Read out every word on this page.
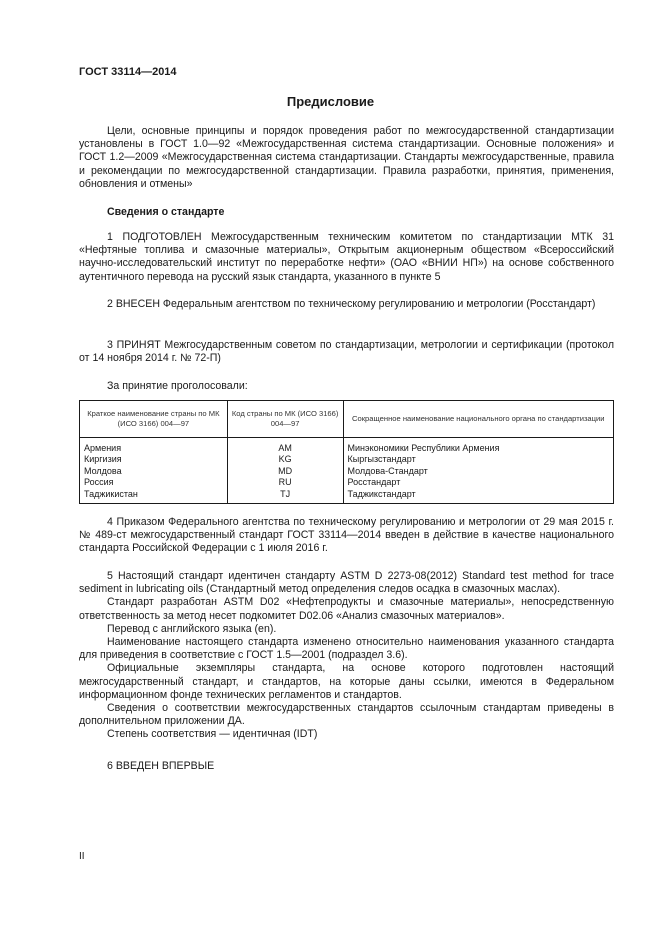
ГОСТ 33114—2014
Предисловие

Цели, основные принципы и порядок проведения работ по межгосударственной стандартизации установлены в ГОСТ 1.0—92 «Межгосударственная система стандартизации. Основные положения» и ГОСТ 1.2—2009 «Межгосударственная система стандартизации. Стандарты межгосударственные, правила и рекомендации по межгосударственной стандартизации. Правила разработки, принятия, применения, обновления и отмены»

Сведения о стандарте

1 ПОДГОТОВЛЕН Межгосударственным техническим комитетом по стандартизации МТК 31 «Нефтяные топлива и смазочные материалы», Открытым акционерным обществом «Всероссийский научно-исследовательский институт по переработке нефти» (ОАО «ВНИИ НП») на основе собственного аутентичного перевода на русский язык стандарта, указанного в пункте 5

2 ВНЕСЕН Федеральным агентством по техническому регулированию и метрологии (Росстандарт)

3 ПРИНЯТ Межгосударственным советом по стандартизации, метрологии и сертификации (протокол от 14 ноября 2014 г. № 72-П)

За принятие проголосовали:
Краткое наименование страны по МК (ИСО 3166) 004—97	Код страны по МК (ИСО 3166) 004—97	Сокращенное наименование национального органа по стандартизации
Армения	AM	Минэкономики Республики Армения
Киргизия	KG	Кыргызстандарт
Молдова	MD	Молдова-Стандарт
Россия	RU	Росстандарт
Таджикистан	TJ	Таджикстандарт

4 Приказом Федерального агентства по техническому регулированию и метрологии от 29 мая 2015 г. № 489-ст межгосударственный стандарт ГОСТ 33114—2014 введен в действие в качестве национального стандарта Российской Федерации с 1 июля 2016 г.

5 Настоящий стандарт идентичен стандарту ASTM D 2273-08(2012) Standard test method for trace sediment in lubricating oils (Стандартный метод определения следов осадка в смазочных маслах).

Стандарт разработан ASTM D02 «Нефтепродукты и смазочные материалы», непосредственную ответственность за метод несет подкомитет D02.06 «Анализ смазочных материалов».

Перевод с английского языка (en).

Наименование настоящего стандарта изменено относительно наименования указанного стандарта для приведения в соответствие с ГОСТ 1.5—2001 (подраздел 3.6).

Официальные экземпляры стандарта, на основе которого подготовлен настоящий межгосударственный стандарт, и стандартов, на которые даны ссылки, имеются в Федеральном информационном фонде технических регламентов и стандартов.

Сведения о соответствии межгосударственных стандартов ссылочным стандартам приведены в дополнительном приложении ДА.

Степень соответствия — идентичная (IDT)

6 ВВЕДЕН ВПЕРВЫЕ

II
